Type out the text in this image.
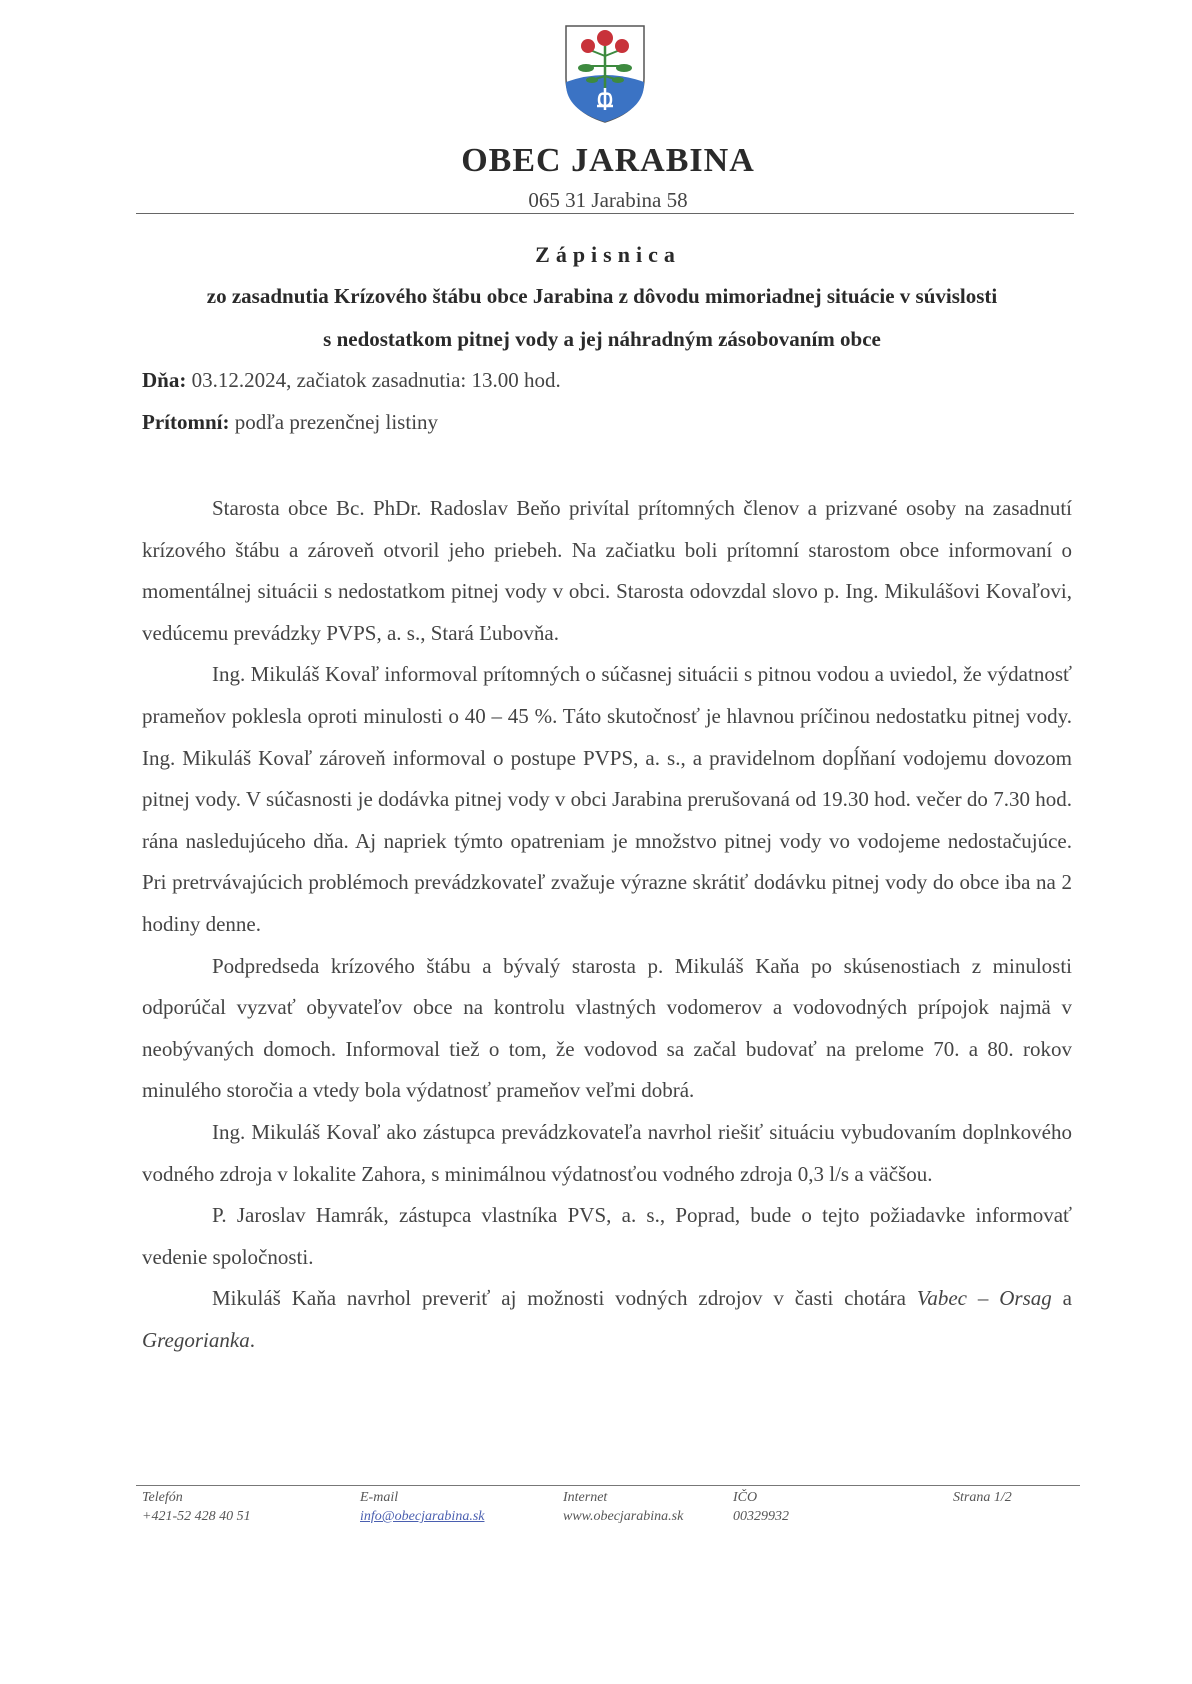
OBEC JARABINA
065 31 Jarabina 58
Zápisnica
zo zasadnutia Krízového štábu obce Jarabina z dôvodu mimoriadnej situácie v súvislosti
s nedostatkom pitnej vody a jej náhradným zásobovaním obce
Dňa: 03.12.2024, začiatok zasadnutia: 13.00 hod.
Prítomní: podľa prezenčnej listiny

Starosta obce Bc. PhDr. Radoslav Beňo privítal prítomných členov a prizvané osoby na zasadnutí krízového štábu a zároveň otvoril jeho priebeh. Na začiatku boli prítomní starostom obce informovaní o momentálnej situácii s nedostatkom pitnej vody v obci. Starosta odovzdal slovo p. Ing. Mikulášovi Kovaľovi, vedúcemu prevádzky PVPS, a. s., Stará Ľubovňa.

Ing. Mikuláš Kovaľ informoval prítomných o súčasnej situácii s pitnou vodou a uviedol, že výdatnosť prameňov poklesla oproti minulosti o 40 – 45 %. Táto skutočnosť je hlavnou príčinou nedostatku pitnej vody. Ing. Mikuláš Kovaľ zároveň informoval o postupe PVPS, a. s., a pravidelnom dopĺňaní vodojemu dovozom pitnej vody. V súčasnosti je dodávka pitnej vody v obci Jarabina prerušovaná od 19.30 hod. večer do 7.30 hod. rána nasledujúceho dňa. Aj napriek týmto opatreniam je množstvo pitnej vody vo vodojeme nedostačujúce. Pri pretrvávajúcich problémoch prevádzkovateľ zvažuje výrazne skrátiť dodávku pitnej vody do obce iba na 2 hodiny denne.

Podpredseda krízového štábu a bývalý starosta p. Mikuláš Kaňa po skúsenostiach z minulosti odporúčal vyzvať obyvateľov obce na kontrolu vlastných vodomerov a vodovodných prípojok najmä v neobývaných domoch. Informoval tiež o tom, že vodovod sa začal budovať na prelome 70. a 80. rokov minulého storočia a vtedy bola výdatnosť prameňov veľmi dobrá.

Ing. Mikuláš Kovaľ ako zástupca prevádzkovateľa navrhol riešiť situáciu vybudovaním doplnkového vodného zdroja v lokalite Zahora, s minimálnou výdatnosťou vodného zdroja 0,3 l/s a väčšou.

P. Jaroslav Hamrák, zástupca vlastníka PVS, a. s., Poprad, bude o tejto požiadavke informovať vedenie spoločnosti.

Mikuláš Kaňa navrhol preveriť aj možnosti vodných zdrojov v časti chotára Vabec – Orsag a Gregorianka.

Telefón
+421-52 428 40 51
E-mail
info@obecjarabina.sk
Internet
www.obecjarabina.sk
IČO
00329932
Strana 1/2
